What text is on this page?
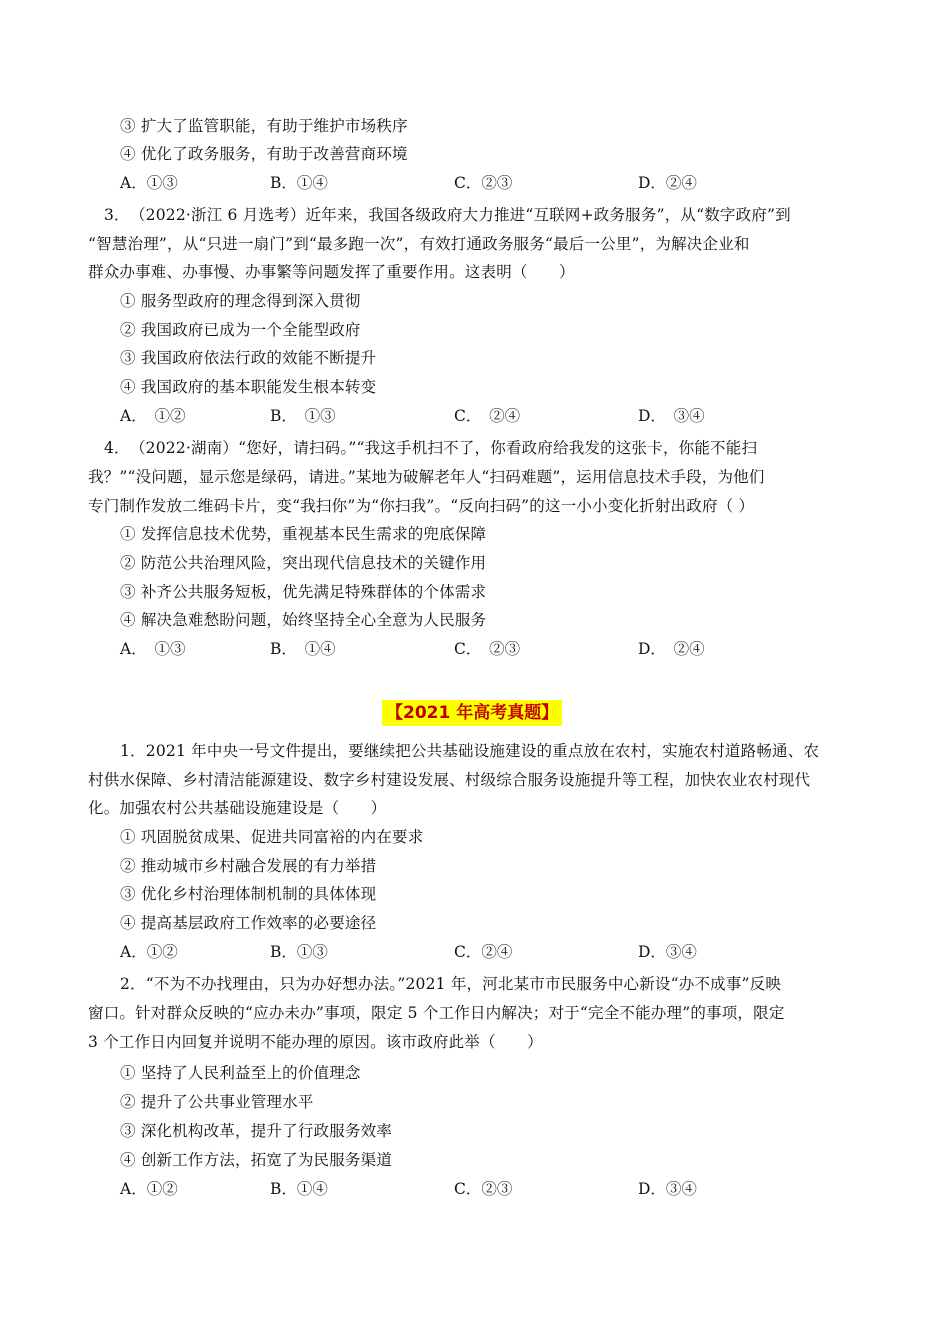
③ 扩大了监管职能，有助于维护市场秩序
④ 优化了政务服务，有助于改善营商环境
A．①③	B．①④	C．②③	D．②④
3．　（2022·浙江 6 月选考）近年来，我国各级政府大力推进“互联网+政务服务”，从“数字政府”到
“智慧治理”，从“只进一扇门”到“最多跑一次”，有效打通政务服务“最后一公里”，为解决企业和
群众办事难、办事慢、办事繁等问题发挥了重要作用。这表明（　　）
① 服务型政府的理念得到深入贯彻
② 我国政府已成为一个全能型政府
③ 我国政府依法行政的效能不断提升
④ 我国政府的基本职能发生根本转变
A．　①②	B．　①③	C．　②④	D．　③④
4．　（2022·湖南）“您好，请扫码。”“我这手机扫不了，你看政府给我发的这张卡，你能不能扫
我？”“没问题，显示您是绿码，请进。”某地为破解老年人“扫码难题”，运用信息技术手段，为他们
专门制作发放二维码卡片，变“我扫你”为“你扫我”。“反向扫码”的这一小小变化折射出政府（ ）
① 发挥信息技术优势，重视基本民生需求的兜底保障
② 防范公共治理风险，突出现代信息技术的关键作用
③ 补齐公共服务短板，优先满足特殊群体的个体需求
④ 解决急难愁盼问题，始终坚持全心全意为人民服务
A．　①③	B．　①④	C．　②③	D．　②④
【2021 年高考真题】
1．2021 年中央一号文件提出，要继续把公共基础设施建设的重点放在农村，实施农村道路畅通、农
村供水保障、乡村清洁能源建设、数字乡村建设发展、村级综合服务设施提升等工程，加快农业农村现代
化。加强农村公共基础设施建设是（　　）
① 巩固脱贫成果、促进共同富裕的内在要求
② 推动城市乡村融合发展的有力举措
③ 优化乡村治理体制机制的具体体现
④ 提高基层政府工作效率的必要途径
A．①②	B．①③	C．②④	D．③④
2．“不为不办找理由，只为办好想办法。”2021 年，河北某市市民服务中心新设“办不成事”反映
窗口。针对群众反映的“应办未办”事项，限定 5 个工作日内解决；对于“完全不能办理”的事项，限定
3 个工作日内回复并说明不能办理的原因。该市政府此举（　　）
① 坚持了人民利益至上的价值理念
② 提升了公共事业管理水平
③ 深化机构改革，提升了行政服务效率
④ 创新工作方法，拓宽了为民服务渠道
A．①②	B．①④	C．②③	D．③④
